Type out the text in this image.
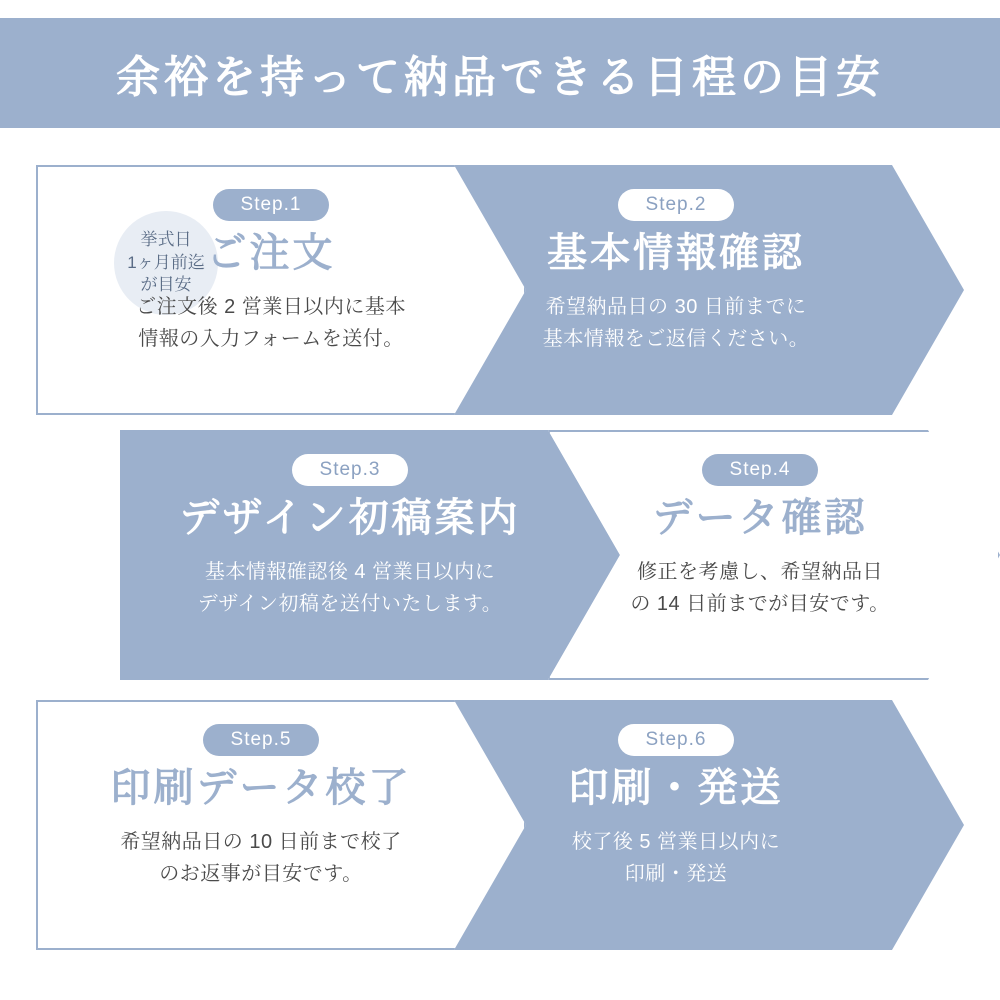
余裕を持って納品できる日程の目安
挙式日
1ヶ月前迄
が目安
Step.1
ご注文
ご注文後 2 営業日以内に基本
情報の入力フォームを送付。
Step.2
基本情報確認
希望納品日の 30 日前までに
基本情報をご返信ください。
Step.3
デザイン初稿案内
基本情報確認後 4 営業日以内に
デザイン初稿を送付いたします。
Step.4
データ確認
修正を考慮し、希望納品日
の 14 日前までが目安です。
Step.5
印刷データ校了
希望納品日の 10 日前まで校了
のお返事が目安です。
Step.6
印刷・発送
校了後 5 営業日以内に
印刷・発送
